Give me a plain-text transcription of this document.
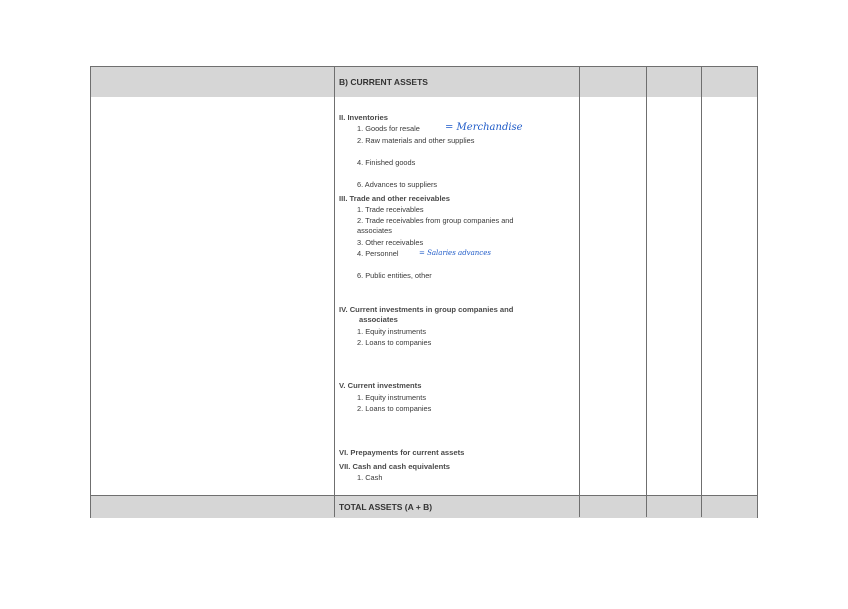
B) CURRENT ASSETS
II. Inventories
1. Goods for resale	= Merchandise
2. Raw materials and other supplies
4. Finished goods
6. Advances to suppliers
III. Trade and other receivables
1. Trade receivables
2. Trade receivables from group companies and
associates
3. Other receivables
4. Personnel	= Salaries advances
6. Public entities, other
IV. Current investments in group companies and
associates
1. Equity instruments
2. Loans to companies
V. Current investments
1. Equity instruments
2. Loans to companies
VI. Prepayments for current assets
VII. Cash and cash equivalents
1. Cash
TOTAL ASSETS (A + B)
